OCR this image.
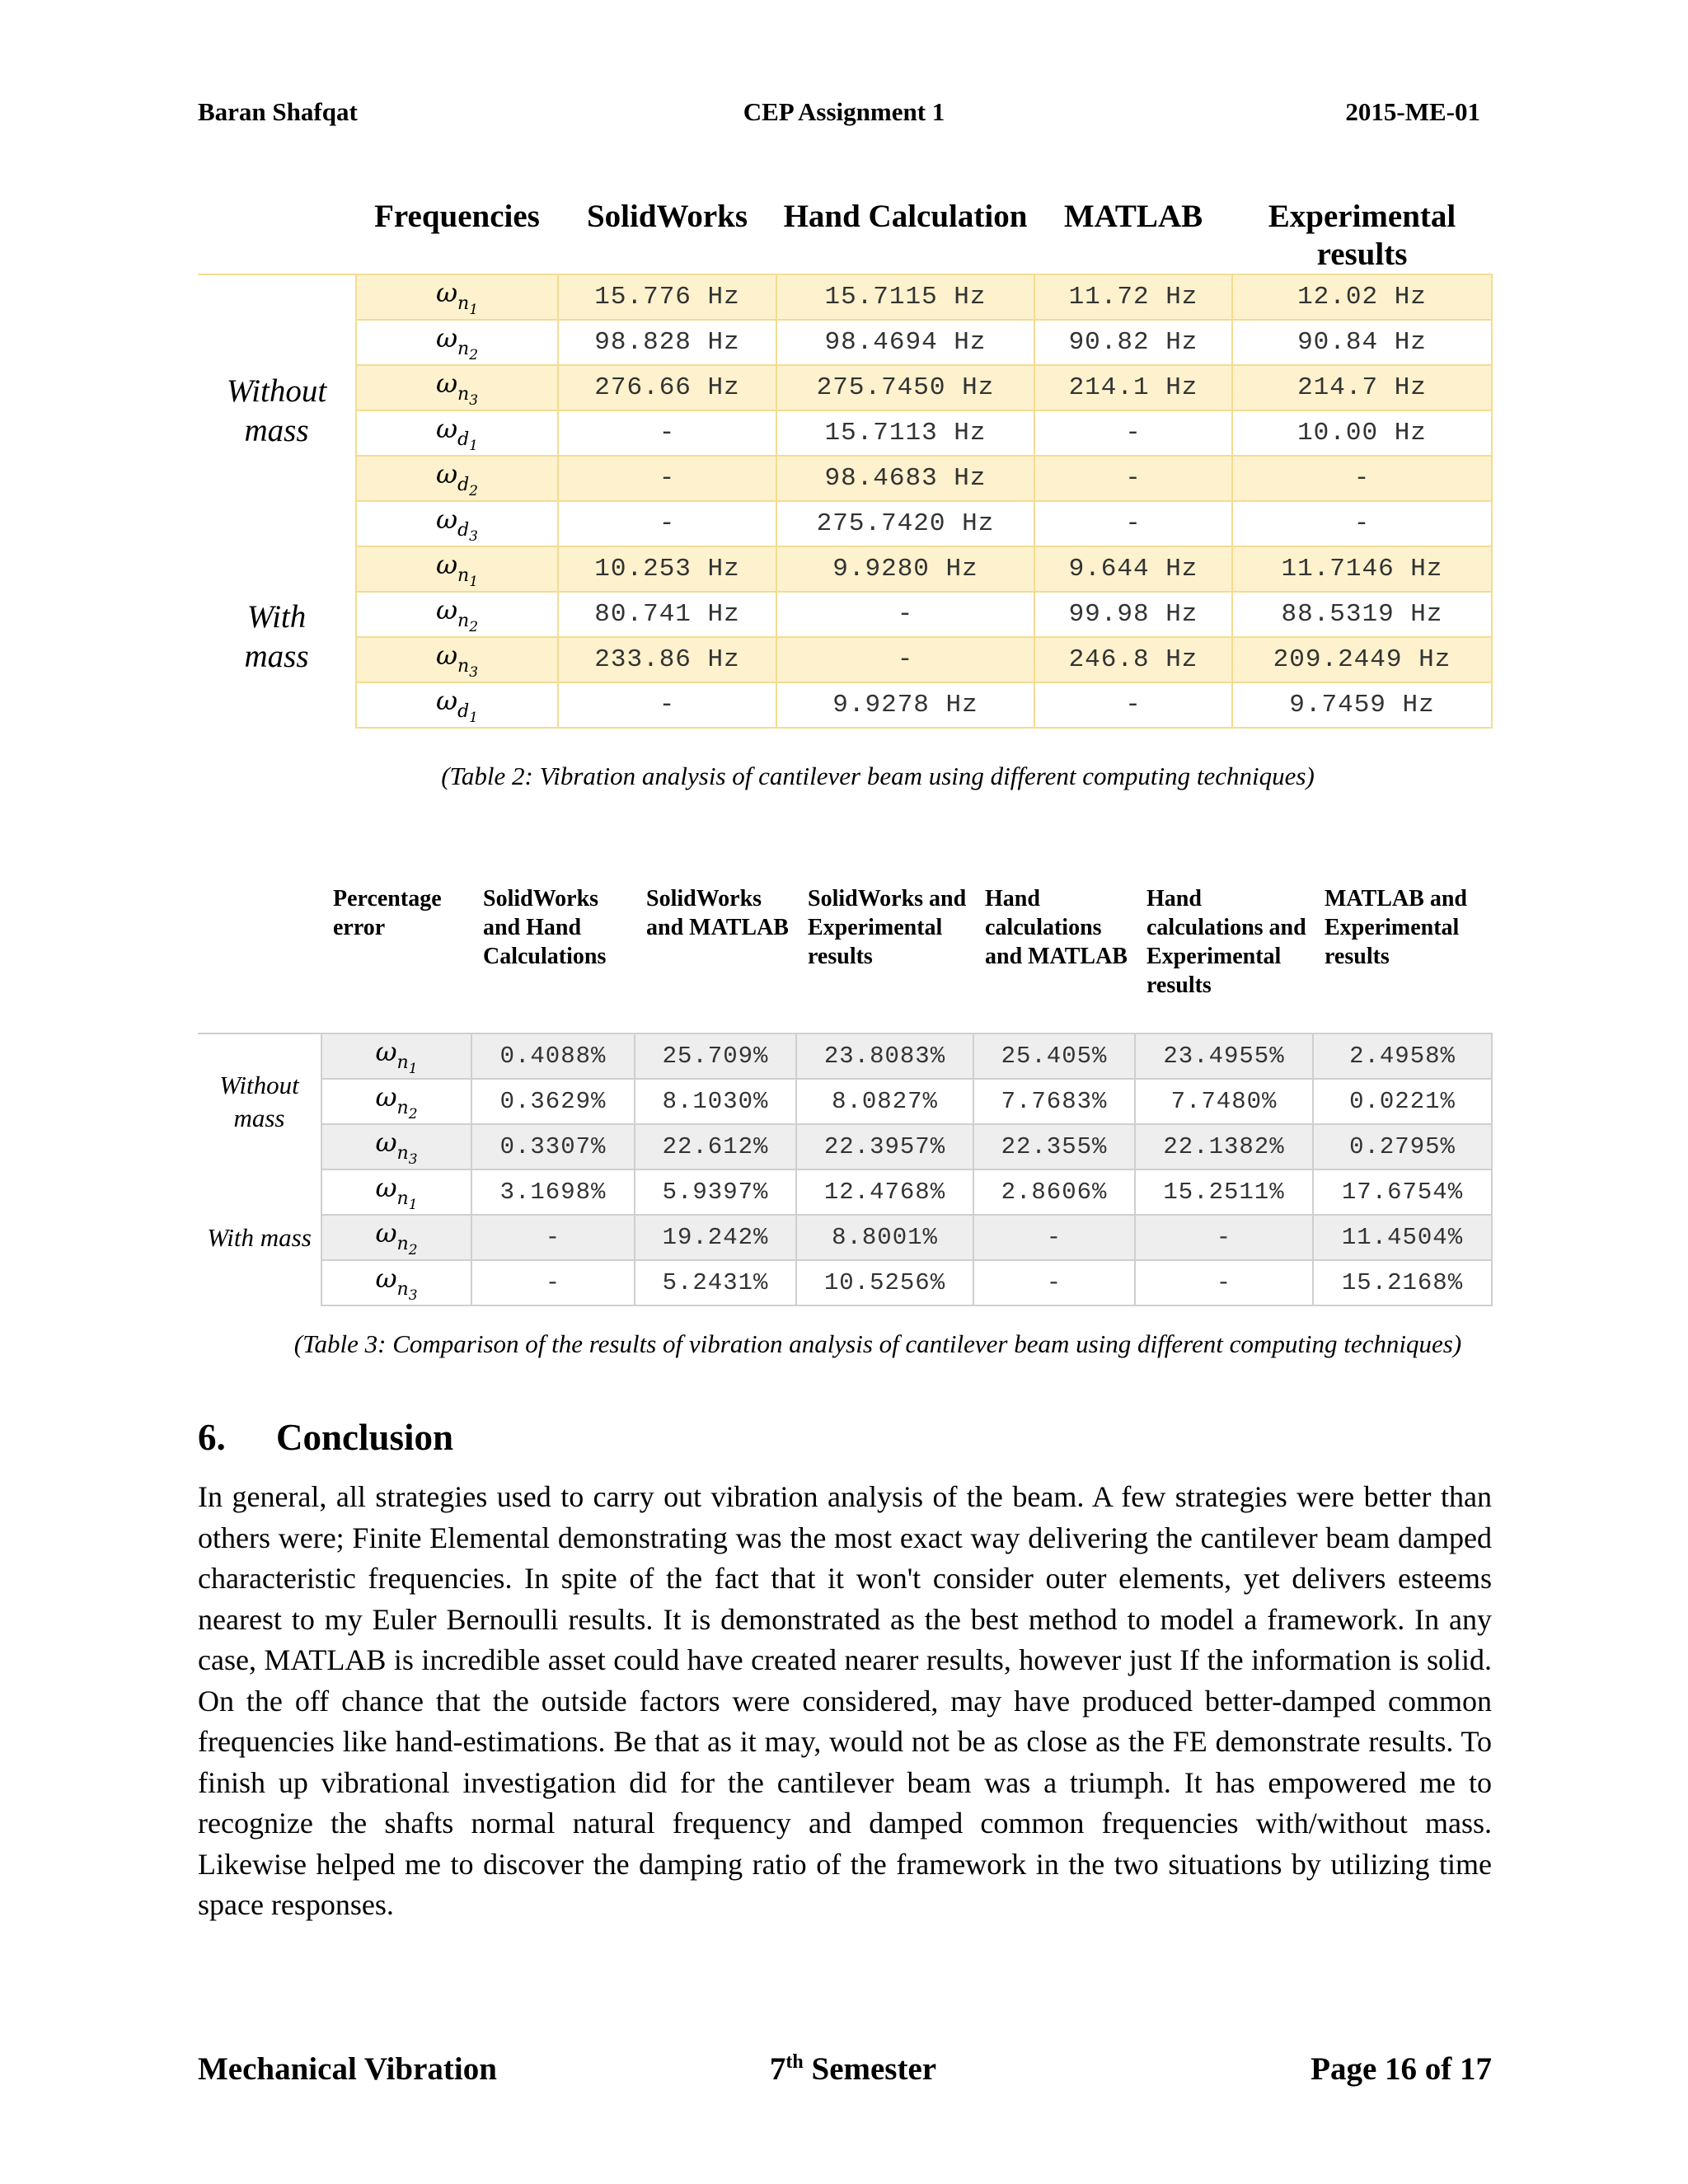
Baran Shafqat	CEP Assignment 1	2015-ME-01
	Frequencies	SolidWorks	Hand Calculation	MATLAB	Experimental results
Without mass	$\omega_{n_1}$	15.776 Hz	15.7115 Hz	11.72 Hz	12.02 Hz
	$\omega_{n_2}$	98.828 Hz	98.4694 Hz	90.82 Hz	90.84 Hz
	$\omega_{n_3}$	276.66 Hz	275.7450 Hz	214.1 Hz	214.7 Hz
	$\omega_{d_1}$	-	15.7113 Hz	-	10.00 Hz
	$\omega_{d_2}$	-	98.4683 Hz	-	-
	$\omega_{d_3}$	-	275.7420 Hz	-	-
With mass	$\omega_{n_1}$	10.253 Hz	9.9280 Hz	9.644 Hz	11.7146 Hz
	$\omega_{n_2}$	80.741 Hz	-	99.98 Hz	88.5319 Hz
	$\omega_{n_3}$	233.86 Hz	-	246.8 Hz	209.2449 Hz
	$\omega_{d_1}$	-	9.9278 Hz	-	9.7459 Hz
(Table 2: Vibration analysis of cantilever beam using different computing techniques)
	Percentage error	SolidWorks and Hand Calculations	SolidWorks and MATLAB	SolidWorks and Experimental results	Hand calculations and MATLAB	Hand calculations and Experimental results	MATLAB and Experimental results
Without mass	$\omega_{n_1}$	0.4088%	25.709%	23.8083%	25.405%	23.4955%	2.4958%
	$\omega_{n_2}$	0.3629%	8.1030%	8.0827%	7.7683%	7.7480%	0.0221%
	$\omega_{n_3}$	0.3307%	22.612%	22.3957%	22.355%	22.1382%	0.2795%
With mass	$\omega_{n_1}$	3.1698%	5.9397%	12.4768%	2.8606%	15.2511%	17.6754%
	$\omega_{n_2}$	-	19.242%	8.8001%	-	-	11.4504%
	$\omega_{n_3}$	-	5.2431%	10.5256%	-	-	15.2168%
(Table 3: Comparison of the results of vibration analysis of cantilever beam using different computing techniques)
6. Conclusion
In general, all strategies used to carry out vibration analysis of the beam. A few strategies were better than others were; Finite Elemental demonstrating was the most exact way delivering the cantilever beam damped characteristic frequencies. In spite of the fact that it won't consider outer elements, yet delivers esteems nearest to my Euler Bernoulli results. It is demonstrated as the best method to model a framework. In any case, MATLAB is incredible asset could have created nearer results, however just If the information is solid. On the off chance that the outside factors were considered, may have produced better-damped common frequencies like hand-estimations. Be that as it may, would not be as close as the FE demonstrate results. To finish up vibrational investigation did for the cantilever beam was a triumph. It has empowered me to recognize the shafts normal natural frequency and damped common frequencies with/without mass. Likewise helped me to discover the damping ratio of the framework in the two situations by utilizing time space responses.
Mechanical Vibration	7th Semester	Page 16 of 17
